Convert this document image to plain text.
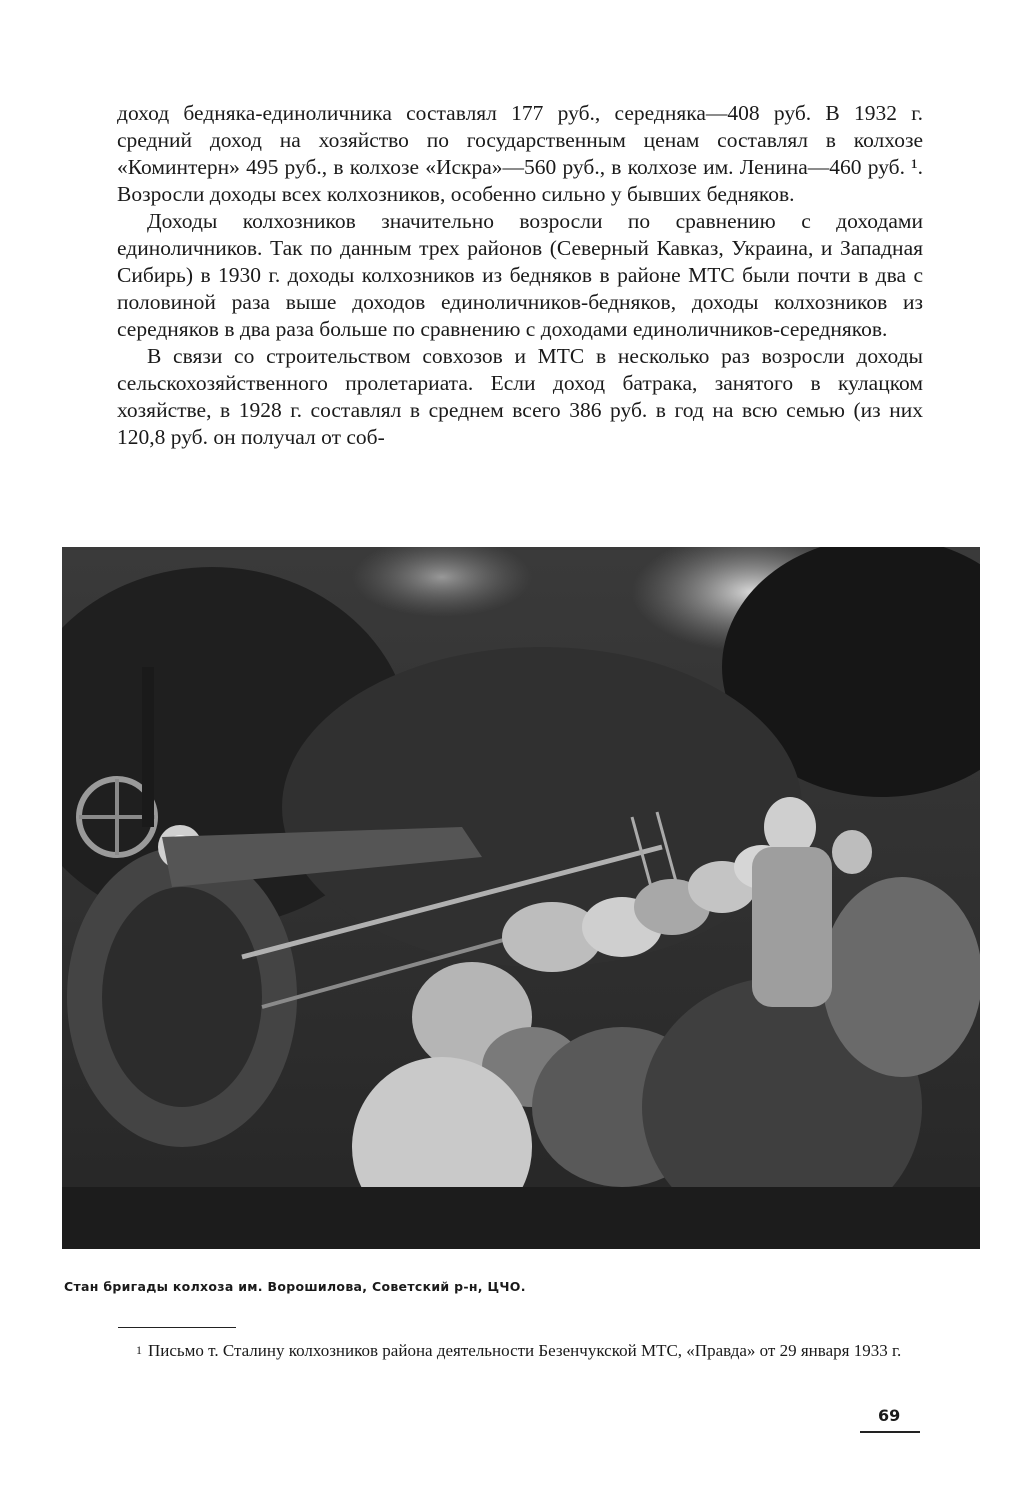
доход бедняка-единоличника составлял 177 руб., середняка—408 руб. В 1932 г. средний доход на хозяйство по государственным ценам составлял в колхозе «Коминтерн» 495 руб., в колхозе «Искра»—560 руб., в колхозе им. Ленина—460 руб. ¹. Возросли доходы всех колхозников, особенно сильно у бывших бедняков.

Доходы колхозников значительно возросли по сравнению с доходами единоличников. Так по данным трех районов (Северный Кавказ, Украина, и Западная Сибирь) в 1930 г. доходы колхозников из бедняков в районе МТС были почти в два с половиной раза выше доходов единоличников-бедняков, доходы колхозников из середняков в два раза больше по сравнению с доходами единоличников-середняков.

В связи со строительством совхозов и МТС в несколько раз возросли доходы сельскохозяйственного пролетариата. Если доход батрака, занятого в кулацком хозяйстве, в 1928 г. составлял в среднем всего 386 руб. в год на всю семью (из них 120,8 руб. он получал от соб-

Стан бригады колхоза им. Ворошилова, Советский р-н, ЦЧО.
$^1$ Письмо т. Сталину колхозников района деятельности Безенчукской МТС, «Правда» от 29 января 1933 г.
69
